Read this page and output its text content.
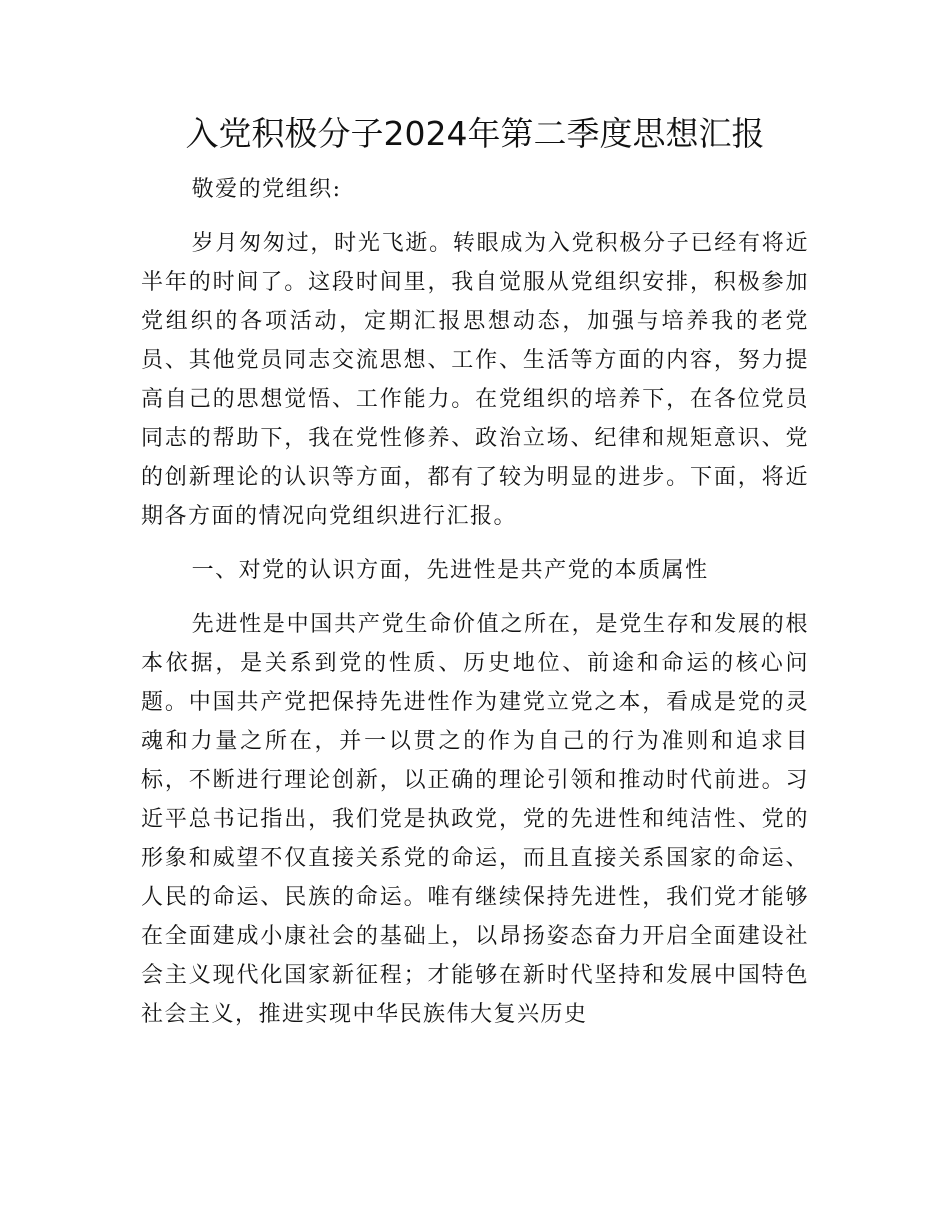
入党积极分子2024年第二季度思想汇报

敬爱的党组织:

岁月匆匆过，时光飞逝。转眼成为入党积极分子已经有将近半年的时间了。这段时间里，我自觉服从党组织安排，积极参加党组织的各项活动，定期汇报思想动态，加强与培养我的老党员、其他党员同志交流思想、工作、生活等方面的内容，努力提高自己的思想觉悟、工作能力。在党组织的培养下，在各位党员同志的帮助下，我在党性修养、政治立场、纪律和规矩意识、党的创新理论的认识等方面，都有了较为明显的进步。下面，将近期各方面的情况向党组织进行汇报。

一、对党的认识方面，先进性是共产党的本质属性

先进性是中国共产党生命价值之所在，是党生存和发展的根本依据，是关系到党的性质、历史地位、前途和命运的核心问题。中国共产党把保持先进性作为建党立党之本，看成是党的灵魂和力量之所在，并一以贯之的作为自己的行为准则和追求目标，不断进行理论创新，以正确的理论引领和推动时代前进。习近平总书记指出，我们党是执政党，党的先进性和纯洁性、党的形象和威望不仅直接关系党的命运，而且直接关系国家的命运、人民的命运、民族的命运。唯有继续保持先进性，我们党才能够在全面建成小康社会的基础上，以昂扬姿态奋力开启全面建设社会主义现代化国家新征程；才能够在新时代坚持和发展中国特色社会主义，推进实现中华民族伟大复兴历史
